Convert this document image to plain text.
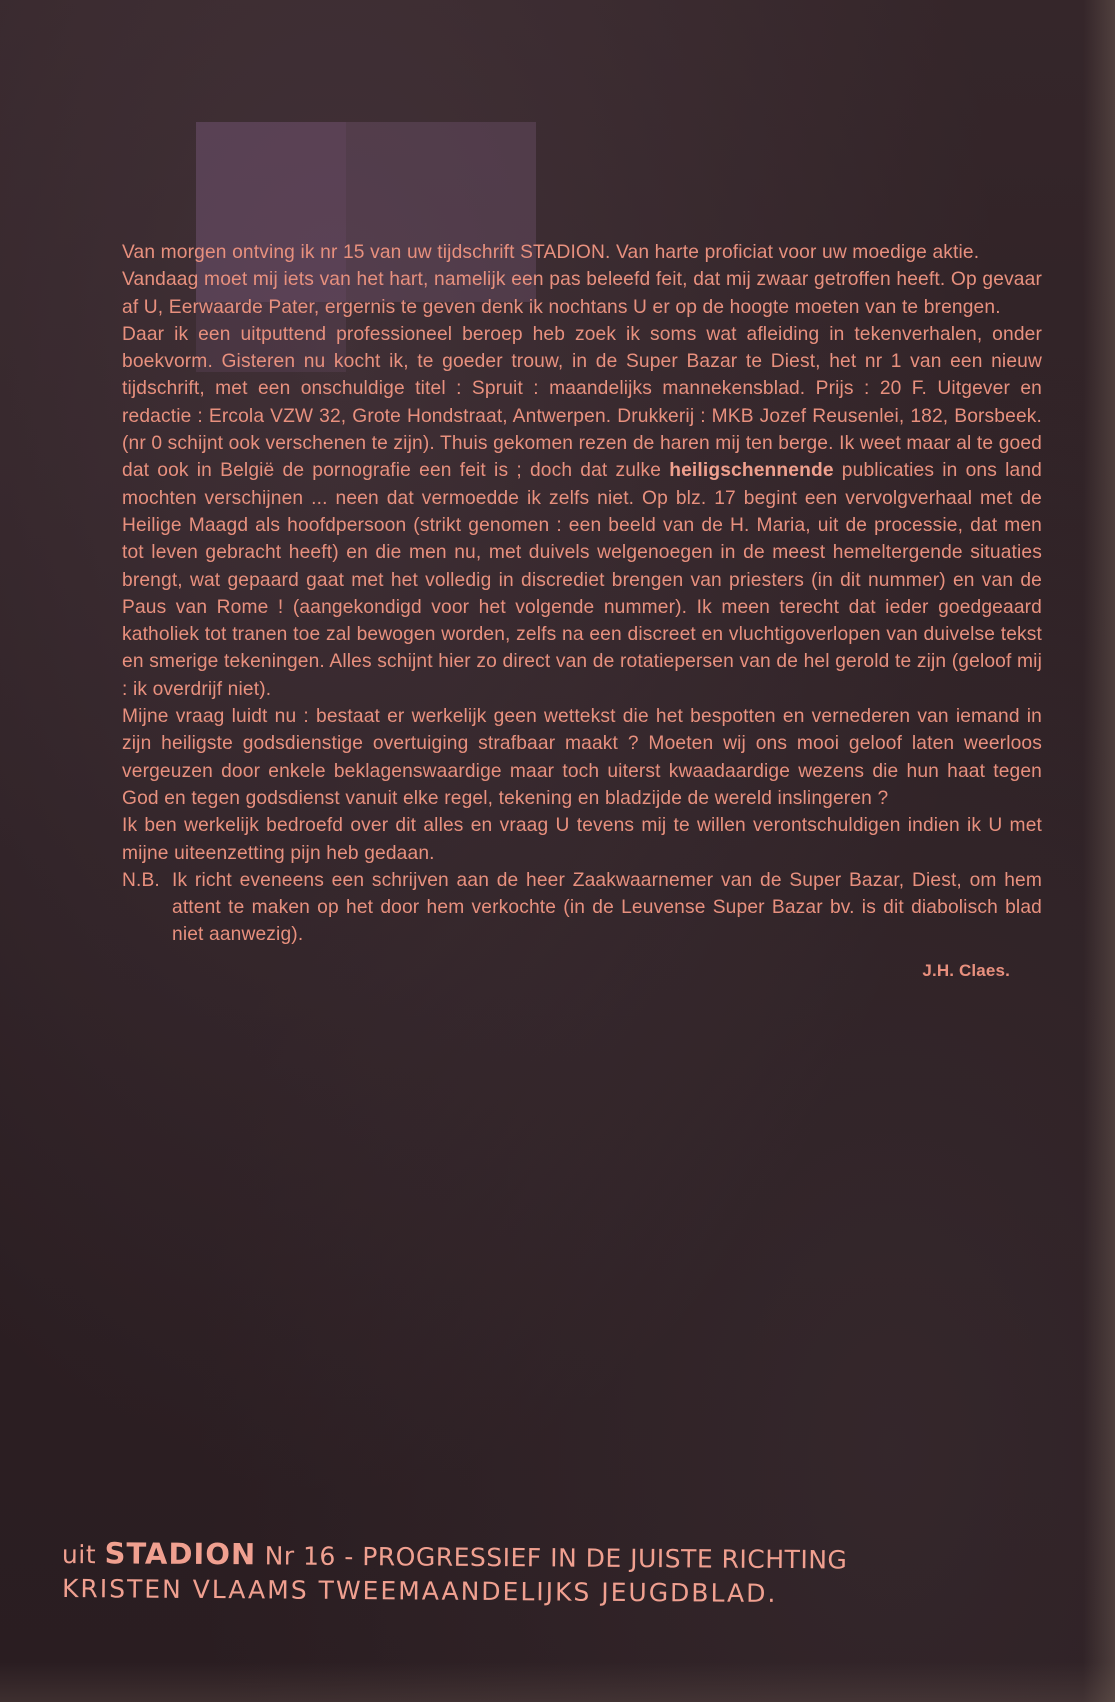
Van morgen ontving ik nr 15 van uw tijdschrift STADION. Van harte proficiat voor uw moedige aktie.

Vandaag moet mij iets van het hart, namelijk een pas beleefd feit, dat mij zwaar getroffen heeft. Op gevaar af U, Eerwaarde Pater, ergernis te geven denk ik nochtans U er op de hoogte moeten van te brengen.

Daar ik een uitputtend professioneel beroep heb zoek ik soms wat afleiding in tekenverhalen, onder boekvorm. Gisteren nu kocht ik, te goeder trouw, in de Super Bazar te Diest, het nr 1 van een nieuw tijdschrift, met een onschuldige titel : Spruit : maandelijks mannekensblad. Prijs : 20 F. Uitgever en redactie : Ercola VZW 32, Grote Hondstraat, Antwerpen. Drukkerij : MKB Jozef Reusenlei, 182, Borsbeek. (nr 0 schijnt ook verschenen te zijn). Thuis gekomen rezen de haren mij ten berge. Ik weet maar al te goed dat ook in België de pornografie een feit is ; doch dat zulke heiligschennende publicaties in ons land mochten verschijnen ... neen dat vermoedde ik zelfs niet. Op blz. 17 begint een vervolgverhaal met de Heilige Maagd als hoofdpersoon (strikt genomen : een beeld van de H. Maria, uit de processie, dat men tot leven gebracht heeft) en die men nu, met duivels welgenoegen in de meest hemeltergende situaties brengt, wat gepaard gaat met het volledig in discrediet brengen van priesters (in dit nummer) en van de Paus van Rome ! (aangekondigd voor het volgende nummer). Ik meen terecht dat ieder goedgeaard katholiek tot tranen toe zal bewogen worden, zelfs na een discreet en vluchtigoverlopen van duivelse tekst en smerige tekeningen. Alles schijnt hier zo direct van de rotatiepersen van de hel gerold te zijn (geloof mij : ik overdrijf niet).

Mijne vraag luidt nu : bestaat er werkelijk geen wettekst die het bespotten en vernederen van iemand in zijn heiligste godsdienstige overtuiging strafbaar maakt ? Moeten wij ons mooi geloof laten weerloos vergeuzen door enkele beklagenswaardige maar toch uiterst kwaadaardige wezens die hun haat tegen God en tegen godsdienst vanuit elke regel, tekening en bladzijde de wereld inslingeren ?

Ik ben werkelijk bedroefd over dit alles en vraag U tevens mij te willen verontschuldigen indien ik U met mijne uiteenzetting pijn heb gedaan.

N.B. Ik richt eveneens een schrijven aan de heer Zaakwaarnemer van de Super Bazar, Diest, om hem attent te maken op het door hem verkochte (in de Leuvense Super Bazar bv. is dit diabolisch blad niet aanwezig).

J.H. Claes.

uit STADION Nr 16 - PROGRESSIEF IN DE JUISTE RICHTING
KRISTEN VLAAMS TWEEMAANDELIJKS JEUGDBLAD.
